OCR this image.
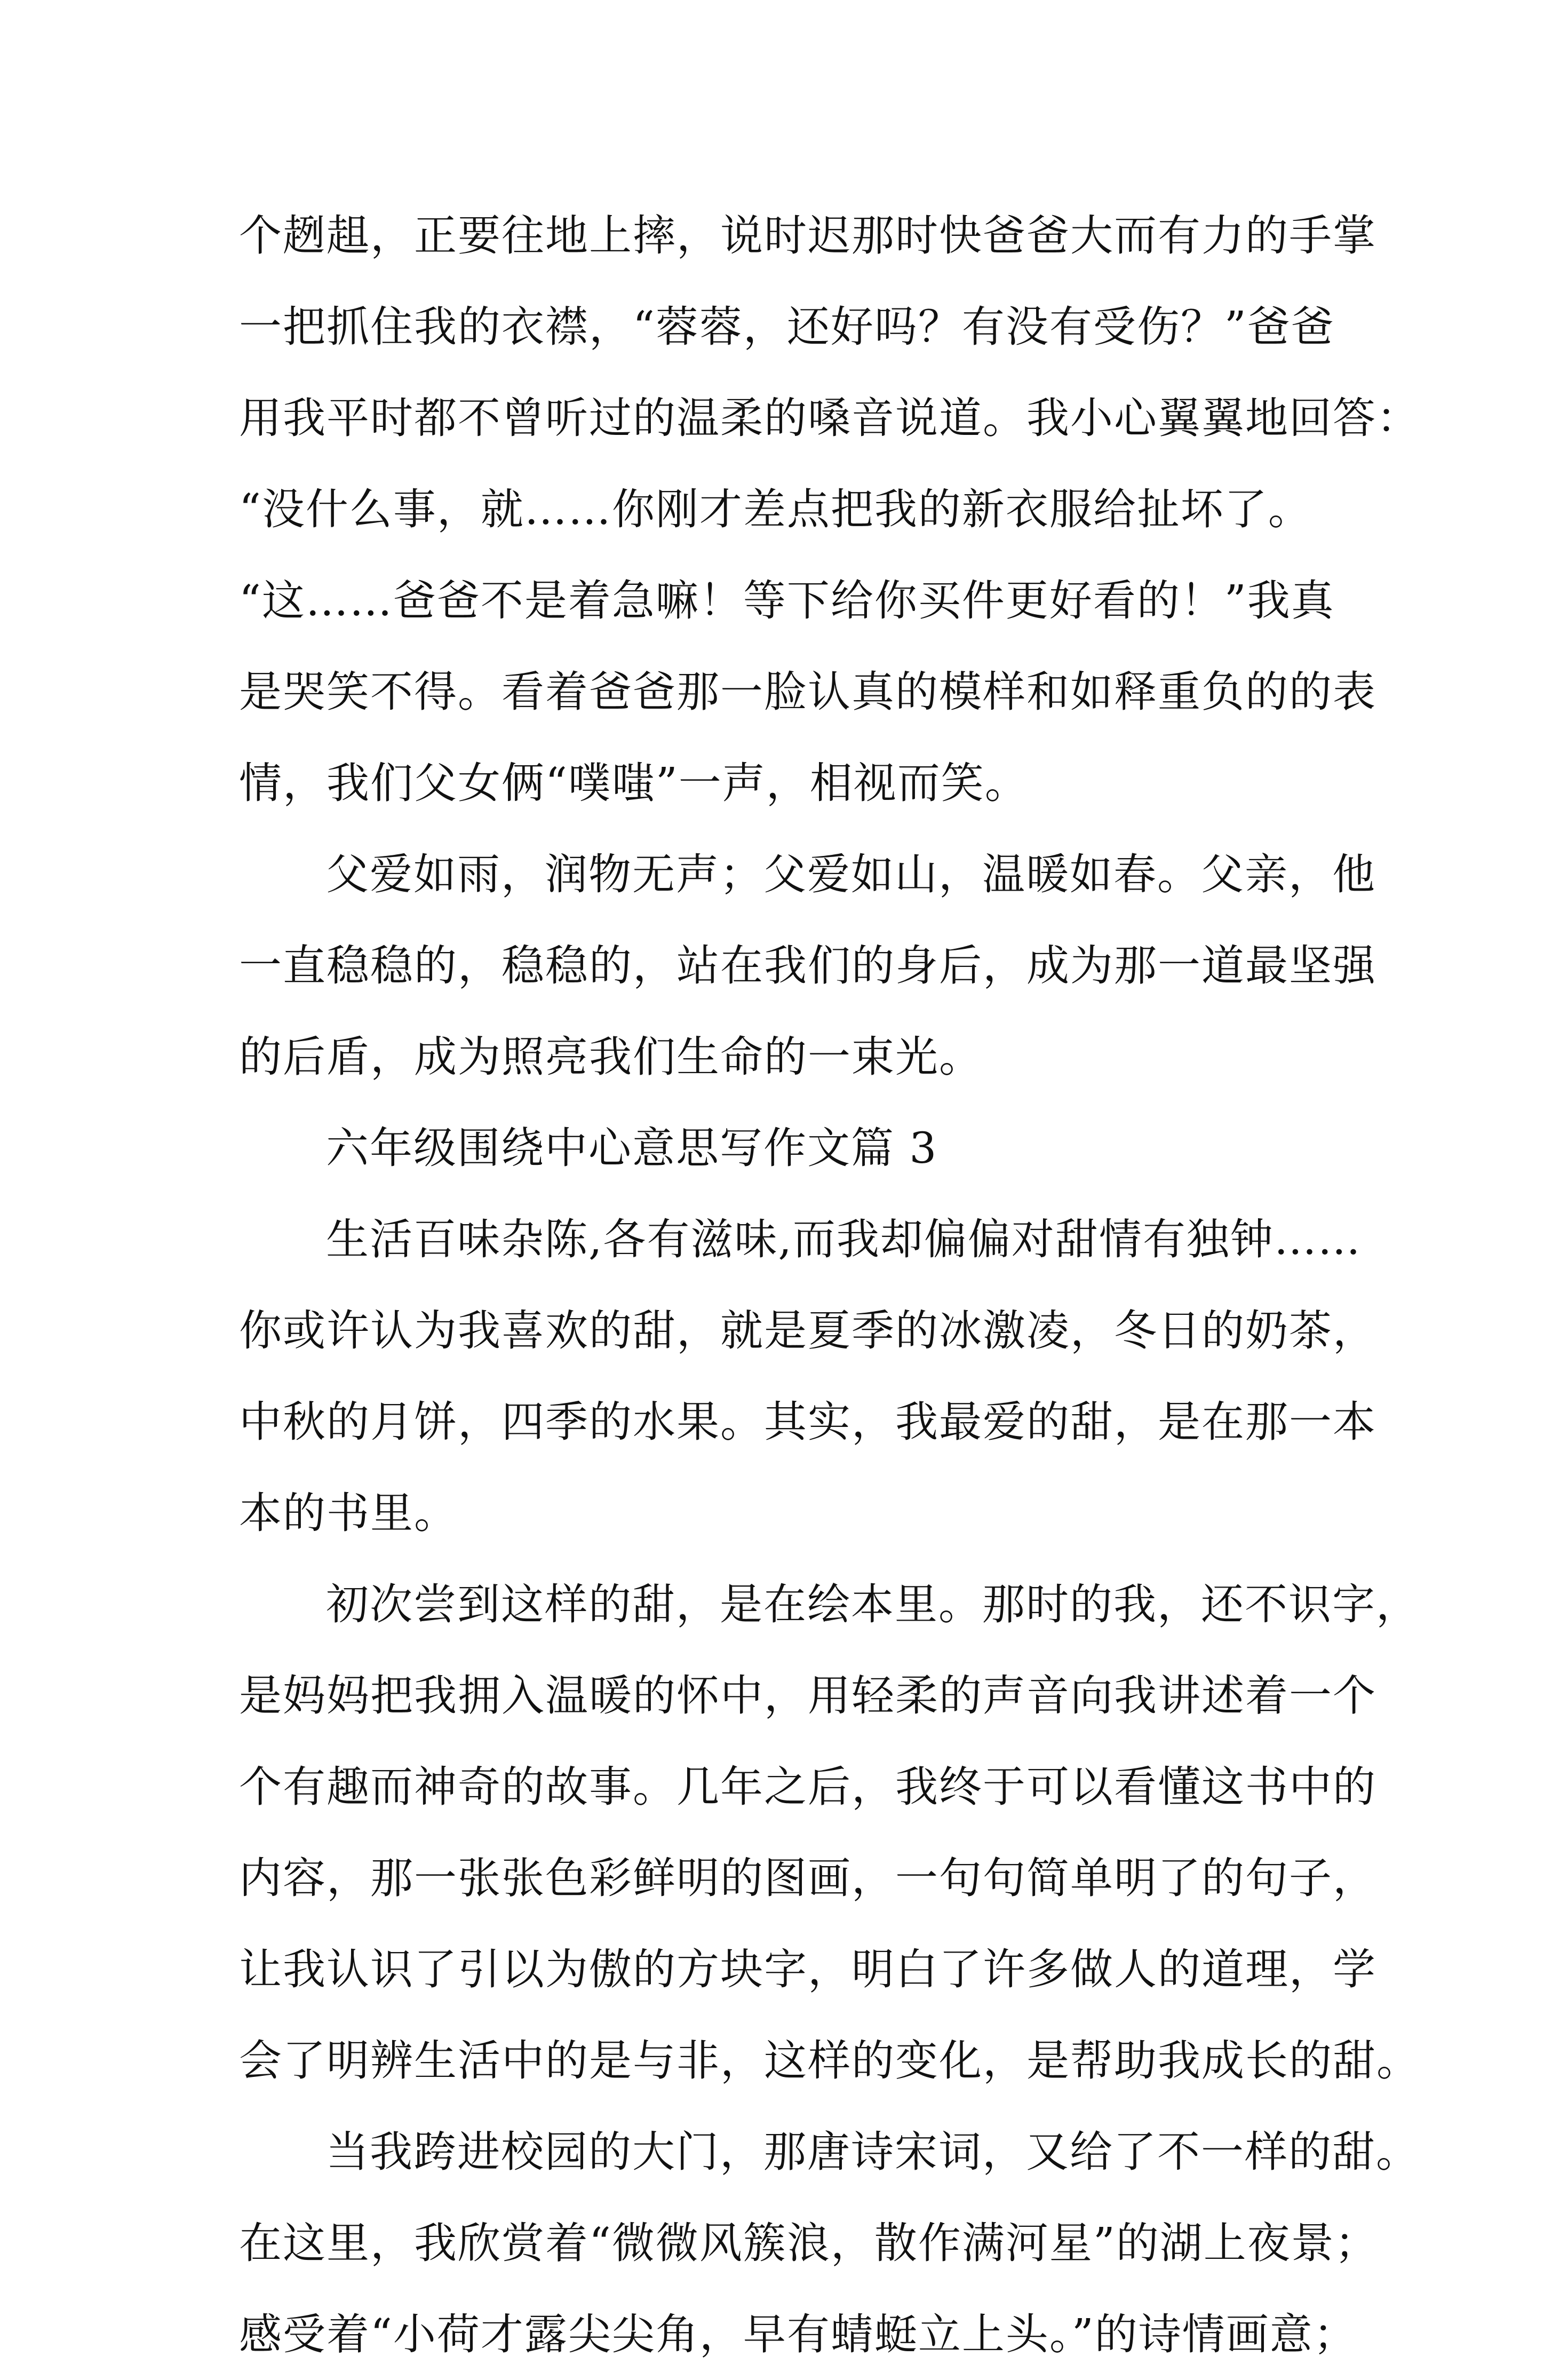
个趔趄，正要往地上摔，说时迟那时快爸爸大而有力的手掌
一把抓住我的衣襟，“蓉蓉，还好吗？有没有受伤？”爸爸
用我平时都不曾听过的温柔的嗓音说道。我小心翼翼地回答：
“没什么事，就……你刚才差点把我的新衣服给扯坏了。
“这……爸爸不是着急嘛！等下给你买件更好看的！”我真
是哭笑不得。看着爸爸那一脸认真的模样和如释重负的的表
情，我们父女俩“噗嗤”一声，相视而笑。
父爱如雨，润物无声；父爱如山，温暖如春。父亲，他
一直稳稳的，稳稳的，站在我们的身后，成为那一道最坚强
的后盾，成为照亮我们生命的一束光。
六年级围绕中心意思写作文篇 3
生活百味杂陈,各有滋味,而我却偏偏对甜情有独钟……
你或许认为我喜欢的甜，就是夏季的冰激凌，冬日的奶茶，
中秋的月饼，四季的水果。其实，我最爱的甜，是在那一本
本的书里。
初次尝到这样的甜，是在绘本里。那时的我，还不识字，
是妈妈把我拥入温暖的怀中，用轻柔的声音向我讲述着一个
个有趣而神奇的故事。几年之后，我终于可以看懂这书中的
内容，那一张张色彩鲜明的图画，一句句简单明了的句子，
让我认识了引以为傲的方块字，明白了许多做人的道理，学
会了明辨生活中的是与非，这样的变化，是帮助我成长的甜。
当我跨进校园的大门，那唐诗宋词，又给了不一样的甜。
在这里，我欣赏着“微微风簇浪，散作满河星”的湖上夜景；
感受着“小荷才露尖尖角，早有蜻蜓立上头。”的诗情画意；
